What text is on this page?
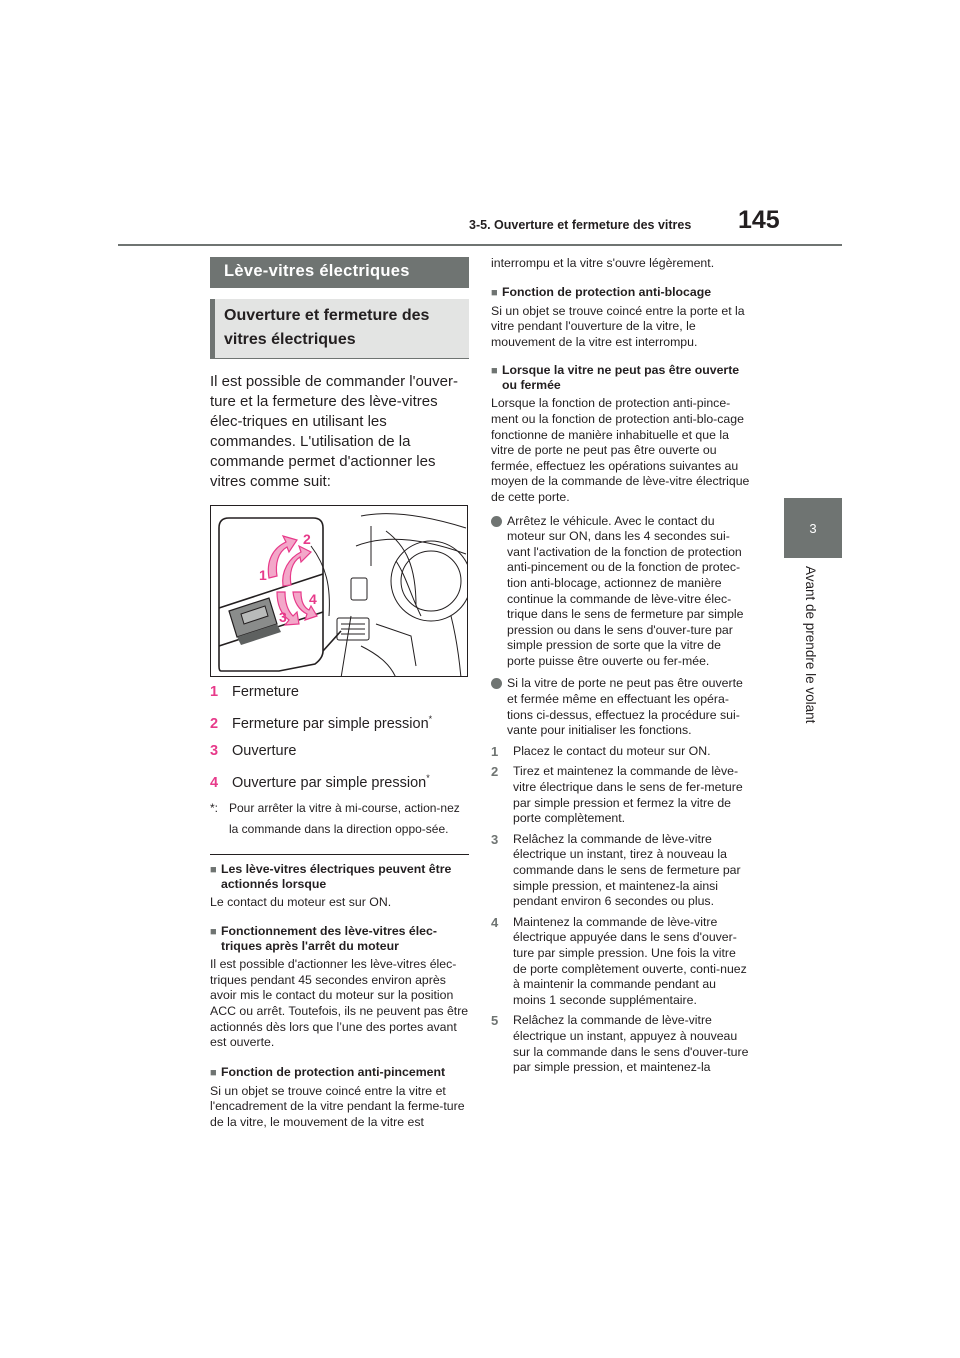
3-5. Ouverture et fermeture des vitres 145
3
Avant de prendre le volant
Lève-vitres électriques
Ouverture et fermeture des vitres électriques
Il est possible de commander l'ouver-ture et la fermeture des lève-vitres élec-triques en utilisant les commandes. L'utilisation de la commande permet d'actionner les vitres comme suit:
1
2
3
4
1 Fermeture
2 Fermeture par simple pression*
3 Ouverture
4 Ouverture par simple pression*
*: Pour arrêter la vitre à mi-course, action-nez la commande dans la direction oppo-sée.
■ Les lève-vitres électriques peuvent être actionnés lorsque
Le contact du moteur est sur ON.
■ Fonctionnement des lève-vitres élec-triques après l'arrêt du moteur
Il est possible d'actionner les lève-vitres élec-triques pendant 45 secondes environ après avoir mis le contact du moteur sur la position ACC ou arrêt. Toutefois, ils ne peuvent pas être actionnés dès lors que l’une des portes avant est ouverte.
■ Fonction de protection anti-pincement
Si un objet se trouve coincé entre la vitre et l'encadrement de la vitre pendant la ferme-ture de la vitre, le mouvement de la vitre est
interrompu et la vitre s'ouvre légèrement.
■ Fonction de protection anti-blocage
Si un objet se trouve coincé entre la porte et la vitre pendant l'ouverture de la vitre, le mouvement de la vitre est interrompu.
■ Lorsque la vitre ne peut pas être ouverte ou fermée
Lorsque la fonction de protection anti-pince-ment ou la fonction de protection anti-blo-cage fonctionne de manière inhabituelle et que la vitre de porte ne peut pas être ouverte ou fermée, effectuez les opérations suivantes au moyen de la commande de lève-vitre électrique de cette porte.
Arrêtez le véhicule. Avec le contact du moteur sur ON, dans les 4 secondes sui-vant l'activation de la fonction de protection anti-pincement ou de la fonction de protec-tion anti-blocage, actionnez de manière continue la commande de lève-vitre élec-trique dans le sens de fermeture par simple pression ou dans le sens d'ouver-ture par simple pression de sorte que la vitre de porte puisse être ouverte ou fer-mée.
Si la vitre de porte ne peut pas être ouverte et fermée même en effectuant les opéra-tions ci-dessus, effectuez la procédure sui-vante pour initialiser les fonctions.
1	Placez le contact du moteur sur ON.
2	Tirez et maintenez la commande de lève-vitre électrique dans le sens de fer-meture par simple pression et fermez la vitre de porte complètement.
3	Relâchez la commande de lève-vitre électrique un instant, tirez à nouveau la commande dans le sens de fermeture par simple pression, et maintenez-la ainsi pendant environ 6 secondes ou plus.
4	Maintenez la commande de lève-vitre électrique appuyée dans le sens d'ouver-ture par simple pression. Une fois la vitre de porte complètement ouverte, conti-nuez à maintenir la commande pendant au moins 1 seconde supplémentaire.
5	Relâchez la commande de lève-vitre électrique un instant, appuyez à nouveau sur la commande dans le sens d'ouver-ture par simple pression, et maintenez-la
